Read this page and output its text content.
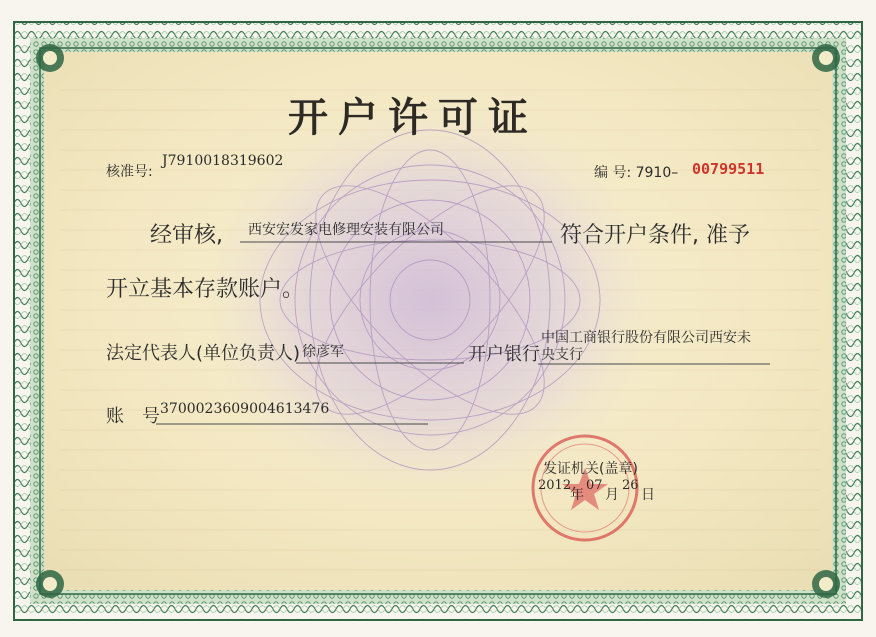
开户许可证
核准号:
J7910018319602
编 号: 7910– 00799511
经审核, 西安宏发家电修理安装有限公司	符合开户条件, 准予
开立基本存款账户。
法定代表人(单位负责人) 徐彦军	开户银行
中国工商银行股份有限公司西安未
央支行
账　号 3700023609004613476
发证机关(盖章)
2012
年
07
月
26
日
